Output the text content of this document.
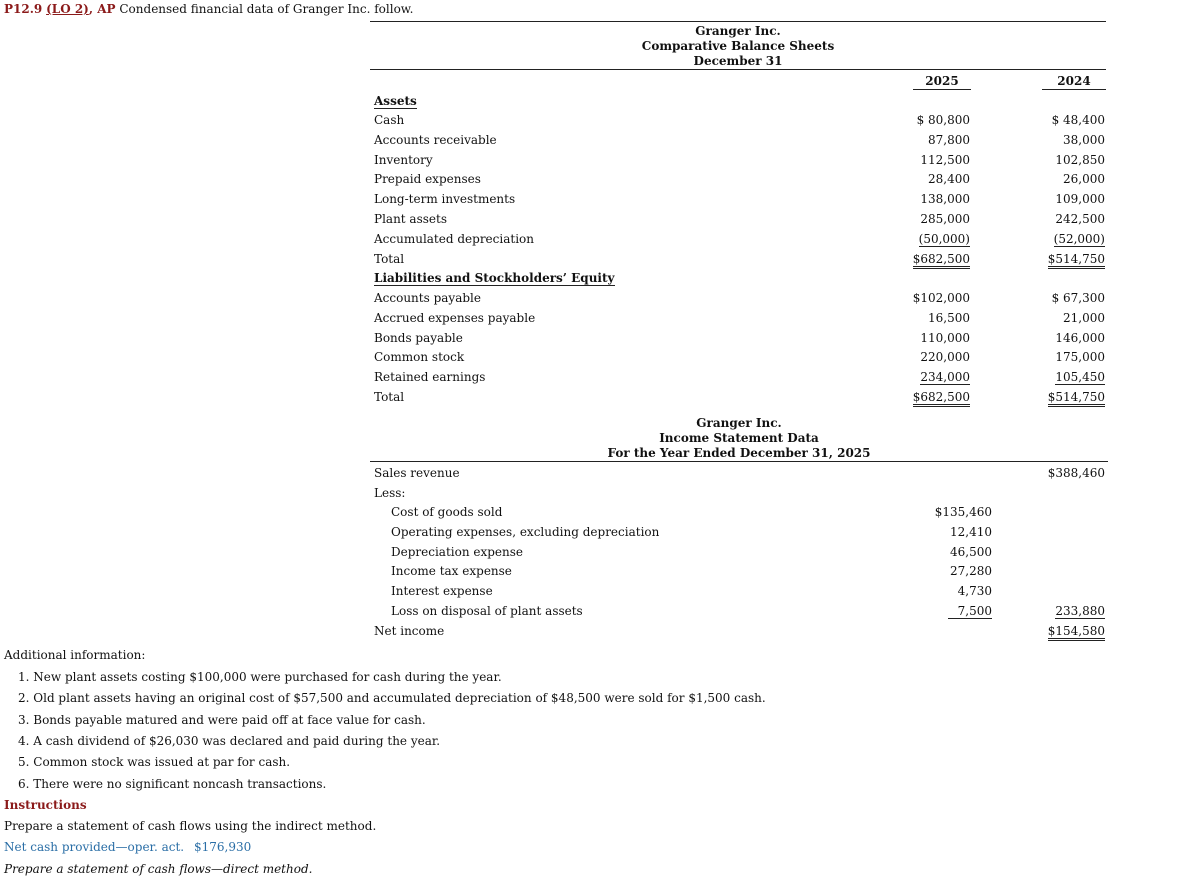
P12.9 (LO 2), AP Condensed financial data of Granger Inc. follow.
Granger Inc.
Comparative Balance Sheets
December 31
2025	2024
Assets
Cash	$ 80,800	$ 48,400
Accounts receivable	87,800	38,000
Inventory	112,500	102,850
Prepaid expenses	28,400	26,000
Long-term investments	138,000	109,000
Plant assets	285,000	242,500
Accumulated depreciation	(50,000)	(52,000)
Total	$682,500	$514,750
Liabilities and Stockholders’ Equity
Accounts payable	$102,000	$ 67,300
Accrued expenses payable	16,500	21,000
Bonds payable	110,000	146,000
Common stock	220,000	175,000
Retained earnings	234,000	105,450
Total	$682,500	$514,750
Granger Inc.
Income Statement Data
For the Year Ended December 31, 2025
Sales revenue	$388,460
Less:
Cost of goods sold	$135,460
Operating expenses, excluding depreciation	12,410
Depreciation expense	46,500
Income tax expense	27,280
Interest expense	4,730
Loss on disposal of plant assets	7,500	233,880
Net income	$154,580
Additional information:
1. New plant assets costing $100,000 were purchased for cash during the year.
2. Old plant assets having an original cost of $57,500 and accumulated depreciation of $48,500 were sold for $1,500 cash.
3. Bonds payable matured and were paid off at face value for cash.
4. A cash dividend of $26,030 was declared and paid during the year.
5. Common stock was issued at par for cash.
6. There were no significant noncash transactions.
Instructions
Prepare a statement of cash flows using the indirect method.
Net cash provided—oper. act. $176,930
Prepare a statement of cash flows—direct method.
